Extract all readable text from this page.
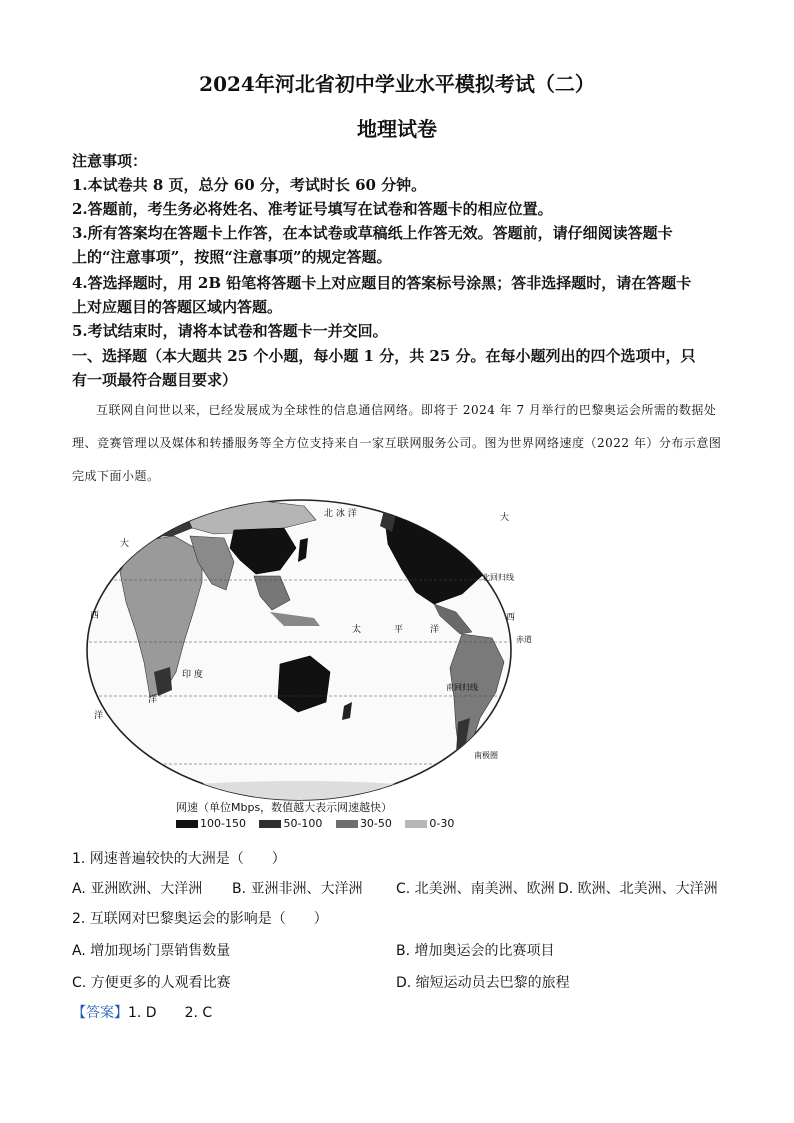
2024年河北省初中学业水平模拟考试（二）
地理试卷
注意事项：
1.本试卷共 8 页，总分 60 分，考试时长 60 分钟。
2.答题前，考生务必将姓名、准考证号填写在试卷和答题卡的相应位置。
3.所有答案均在答题卡上作答，在本试卷或草稿纸上作答无效。答题前，请仔细阅读答题卡
上的“注意事项”，按照“注意事项”的规定答题。
4.答选择题时，用 2B 铅笔将答题卡上对应题目的答案标号涂黑；答非选择题时，请在答题卡
上对应题目的答题区域内答题。
5.考试结束时，请将本试卷和答题卡一并交回。
一、选择题（本大题共 25 个小题，每小题 1 分，共 25 分。在每小题列出的四个选项中，只
有一项最符合题目要求）
互联网自问世以来，已经发展成为全球性的信息通信网络。即将于 2024 年 7 月举行的巴黎奥运会所需的数据处理、竞赛管理以及媒体和转播服务等全方位支持来自一家互联网服务公司。图为世界网络速度（2022 年）分布示意图完成下面小题。
北 冰 洋
北回归线
赤道
南回归线
南极圈
太	平	洋
印 度
洋
大
西
洋
大
西
网速（单位Mbps，数值越大表示网速越快）
100-150	50-100	30-50	0-30
1. 网速普遍较快的大洲是（　　）
A. 亚洲欧洲、大洋洲 B. 亚洲非洲、大洋洲 C. 北美洲、南美洲、欧洲 D. 欧洲、北美洲、大洋洲
2. 互联网对巴黎奥运会的影响是（　　）
A. 增加现场门票销售数量	B. 增加奥运会的比赛项目
C. 方便更多的人观看比赛	D. 缩短运动员去巴黎的旅程
【答案】1. D　　2. C
